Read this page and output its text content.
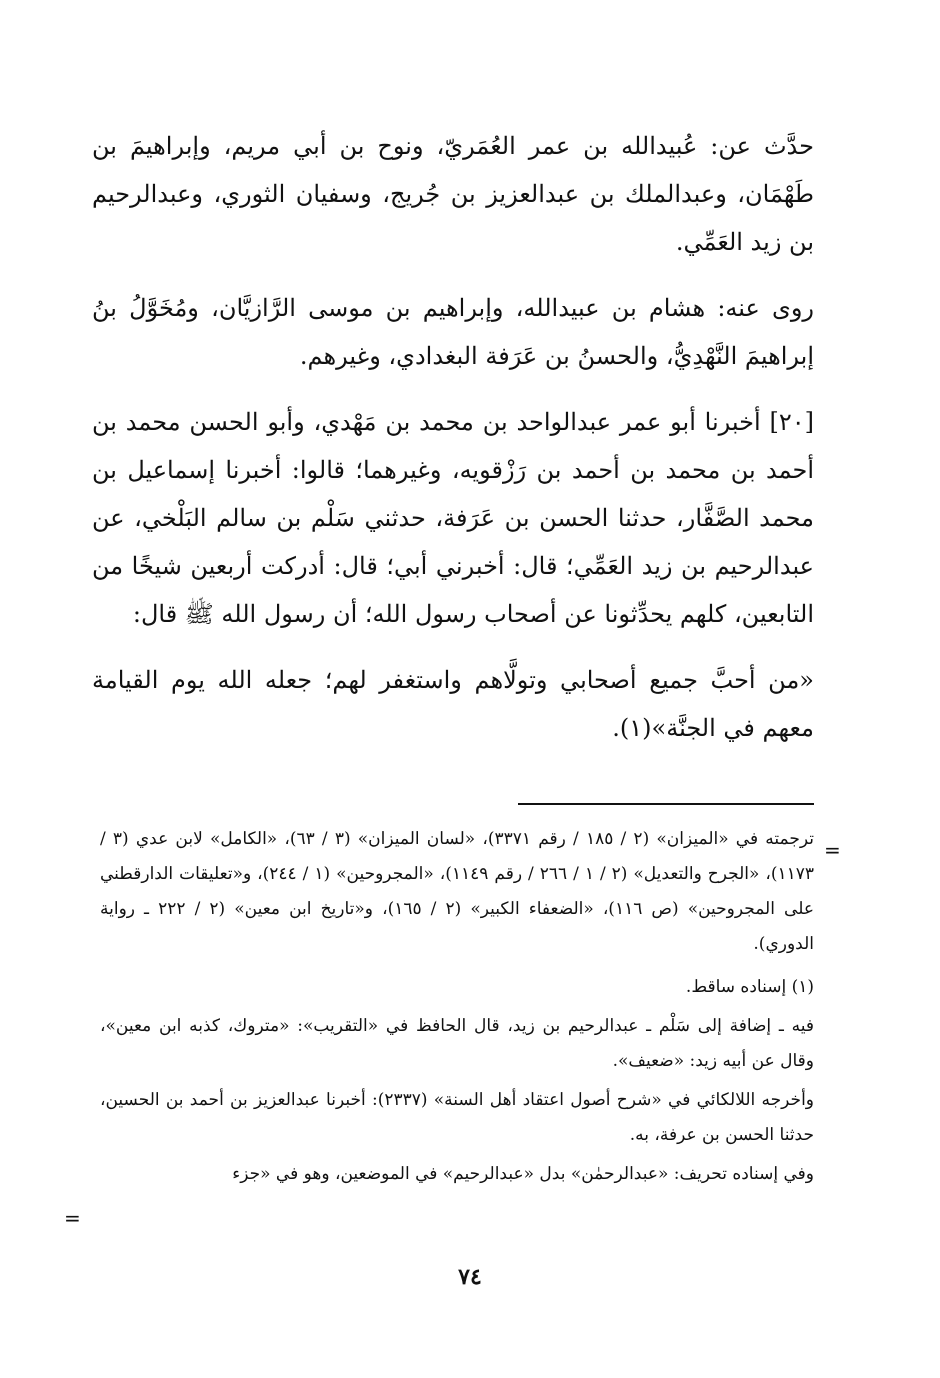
حدَّث عن: عُبيدالله بن عمر العُمَريّ، ونوح بن أبي مريم، وإبراهيمَ بن طَهْمَان، وعبدالملك بن عبدالعزيز بن جُريج، وسفيان الثوري، وعبدالرحيم بن زيد العَمِّي.

روى عنه: هشام بن عبيدالله، وإبراهيم بن موسى الرَّازيَّان، ومُخَوَّلُ بنُ إبراهيمَ النَّهْدِيُّ، والحسنُ بن عَرَفة البغدادي، وغيرهم.

[٢٠] أخبرنا أبو عمر عبدالواحد بن محمد بن مَهْدي، وأبو الحسن محمد بن أحمد بن محمد بن أحمد بن رَزْقويه، وغيرهما؛ قالوا: أخبرنا إسماعيل بن محمد الصَّفَّار، حدثنا الحسن بن عَرَفة، حدثني سَلْم بن سالم البَلْخي، عن عبدالرحيم بن زيد العَمِّي؛ قال: أخبرني أبي؛ قال: أدركت أربعين شيخًا من التابعين، كلهم يحدِّثونا عن أصحاب رسول الله؛ أن رسول الله ﷺ قال:

«من أحبَّ جميع أصحابي وتولَّاهم واستغفر لهم؛ جعله الله يوم القيامة معهم في الجنَّة»(١).

=

ترجمته في «الميزان» (٢ / ١٨٥ / رقم ٣٣٧١)، «لسان الميزان» (٣ / ٦٣)، «الكامل» لابن عدي (٣ / ١١٧٣)، «الجرح والتعديل» (٢ / ١ / ٢٦٦ / رقم ١١٤٩)، «المجروحين» (١ / ٢٤٤)، و«تعليقات الدارقطني على المجروحين» (ص ١١٦)، «الضعفاء الكبير» (٢ / ١٦٥)، و«تاريخ ابن معين» (٢ / ٢٢٢ ـ رواية الدوري).

(١) إسناده ساقط.

فيه ـ إضافة إلى سَلْم ـ عبدالرحيم بن زيد، قال الحافظ في «التقريب»: «متروك، كذبه ابن معين»، وقال عن أبيه زيد: «ضعيف».

وأخرجه اللالكائي في «شرح أصول اعتقاد أهل السنة» (٢٣٣٧): أخبرنا عبدالعزيز بن أحمد بن الحسين، حدثنا الحسن بن عرفة، به.

وفي إسناده تحريف: «عبدالرحمٰن» بدل «عبدالرحيم» في الموضعين، وهو في «جزء

=
٧٤
